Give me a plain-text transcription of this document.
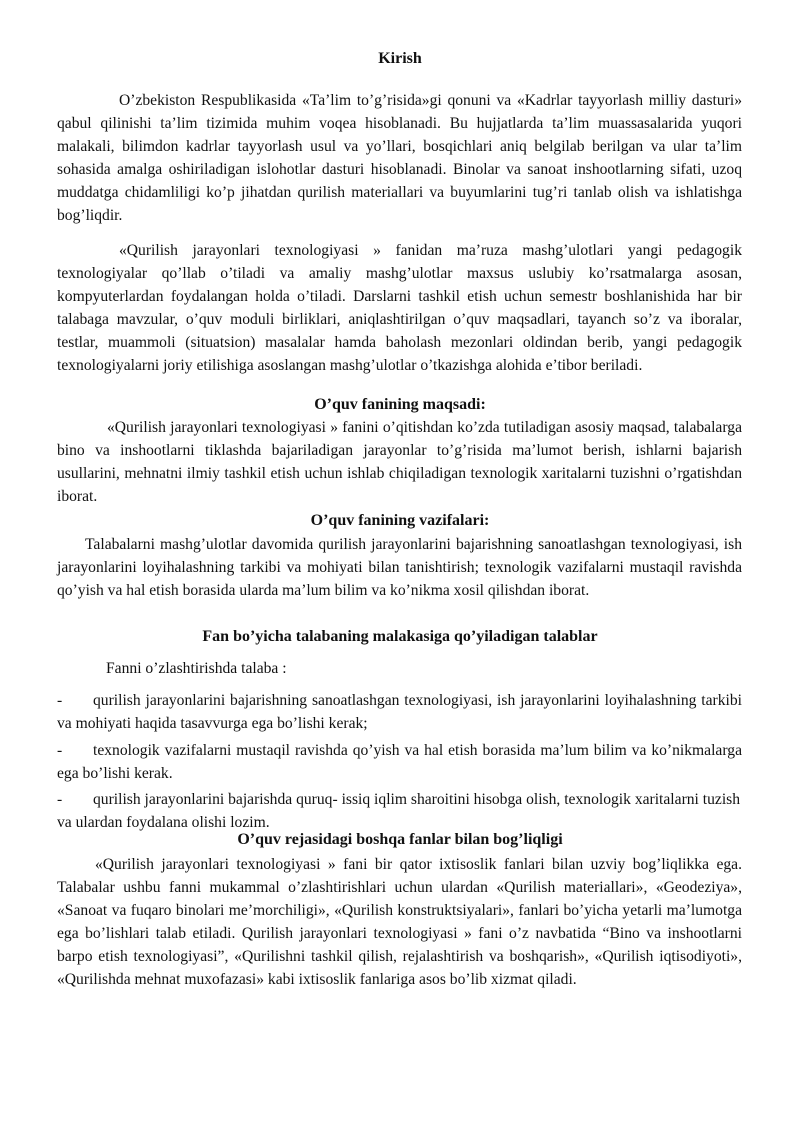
Kirish

O’zbekiston Respublikasida «Ta’lim to’g’risida»gi qonuni va «Kadrlar tayyorlash milliy dasturi» qabul qilinishi ta’lim tizimida muhim voqea hisoblanadi. Bu hujjatlarda ta’lim muassasalarida yuqori malakali, bilimdon kadrlar tayyorlash usul va yo’llari, bosqichlari aniq belgilab berilgan va ular ta’lim sohasida amalga oshiriladigan islohotlar dasturi hisoblanadi. Binolar va sanoat inshootlarning sifati, uzoq muddatga chidamliligi ko’p jihatdan qurilish materiallari va buyumlarini tug’ri tanlab olish va ishlatishga bog’liqdir.

«Qurilish jarayonlari texnologiyasi » fanidan ma’ruza mashg’ulotlari yangi pedagogik texnologiyalar qo’llab o’tiladi va amaliy mashg’ulotlar maxsus uslubiy ko’rsatmalarga asosan, kompyuterlardan foydalangan holda o’tiladi. Darslarni tashkil etish uchun semestr boshlanishida har bir talabaga mavzular, o’quv moduli birliklari, aniqlashtirilgan o’quv maqsadlari, tayanch so’z va iboralar, testlar, muammoli (situatsion) masalalar hamda baholash mezonlari oldindan berib, yangi pedagogik texnologiyalarni joriy etilishiga asoslangan mashg’ulotlar o’tkazishga alohida e’tibor beriladi.

O’quv fanining maqsadi:

«Qurilish jarayonlari texnologiyasi » fanini o’qitishdan ko’zda tutiladigan asosiy maqsad, talabalarga bino va inshootlarni tiklashda bajariladigan jarayonlar to’g’risida ma’lumot berish, ishlarni bajarish usullarini, mehnatni ilmiy tashkil etish uchun ishlab chiqiladigan texnologik xaritalarni tuzishni o’rgatishdan iborat.

O’quv fanining vazifalari:

Talabalarni mashg’ulotlar davomida qurilish jarayonlarini bajarishning sanoatlashgan texnologiyasi, ish jarayonlarini loyihalashning tarkibi va mohiyati bilan tanishtirish; texnologik vazifalarni mustaqil ravishda qo’yish va hal etish borasida ularda ma’lum bilim va ko’nikma xosil qilishdan iborat.

Fan bo’yicha talabaning malakasiga qo’yiladigan talablar

Fanni o’zlashtirishda talaba :

- qurilish jarayonlarini bajarishning sanoatlashgan texnologiyasi, ish jarayonlarini loyihalashning tarkibi va mohiyati haqida tasavvurga ega bo’lishi kerak;

- texnologik vazifalarni mustaqil ravishda qo’yish va hal etish borasida ma’lum bilim va ko’nikmalarga ega bo’lishi kerak.

- qurilish jarayonlarini bajarishda quruq- issiq iqlim sharoitini hisobga olish, texnologik xaritalarni tuzish va ulardan foydalana olishi lozim.

O’quv rejasidagi boshqa fanlar bilan bog’liqligi

«Qurilish jarayonlari texnologiyasi » fani bir qator ixtisoslik fanlari bilan uzviy bog’liqlikka ega. Talabalar ushbu fanni mukammal o’zlashtirishlari uchun ulardan «Qurilish materiallari», «Geodeziya», «Sanoat va fuqaro binolari me’morchiligi», «Qurilish konstruktsiyalari», fanlari bo’yicha yetarli ma’lumotga ega bo’lishlari talab etiladi. Qurilish jarayonlari texnologiyasi » fani o’z navbatida “Bino va inshootlarni barpo etish texnologiyasi”, «Qurilishni tashkil qilish, rejalashtirish va boshqarish», «Qurilish iqtisodiyoti», «Qurilishda mehnat muxofazasi» kabi ixtisoslik fanlariga asos bo’lib xizmat qiladi.
